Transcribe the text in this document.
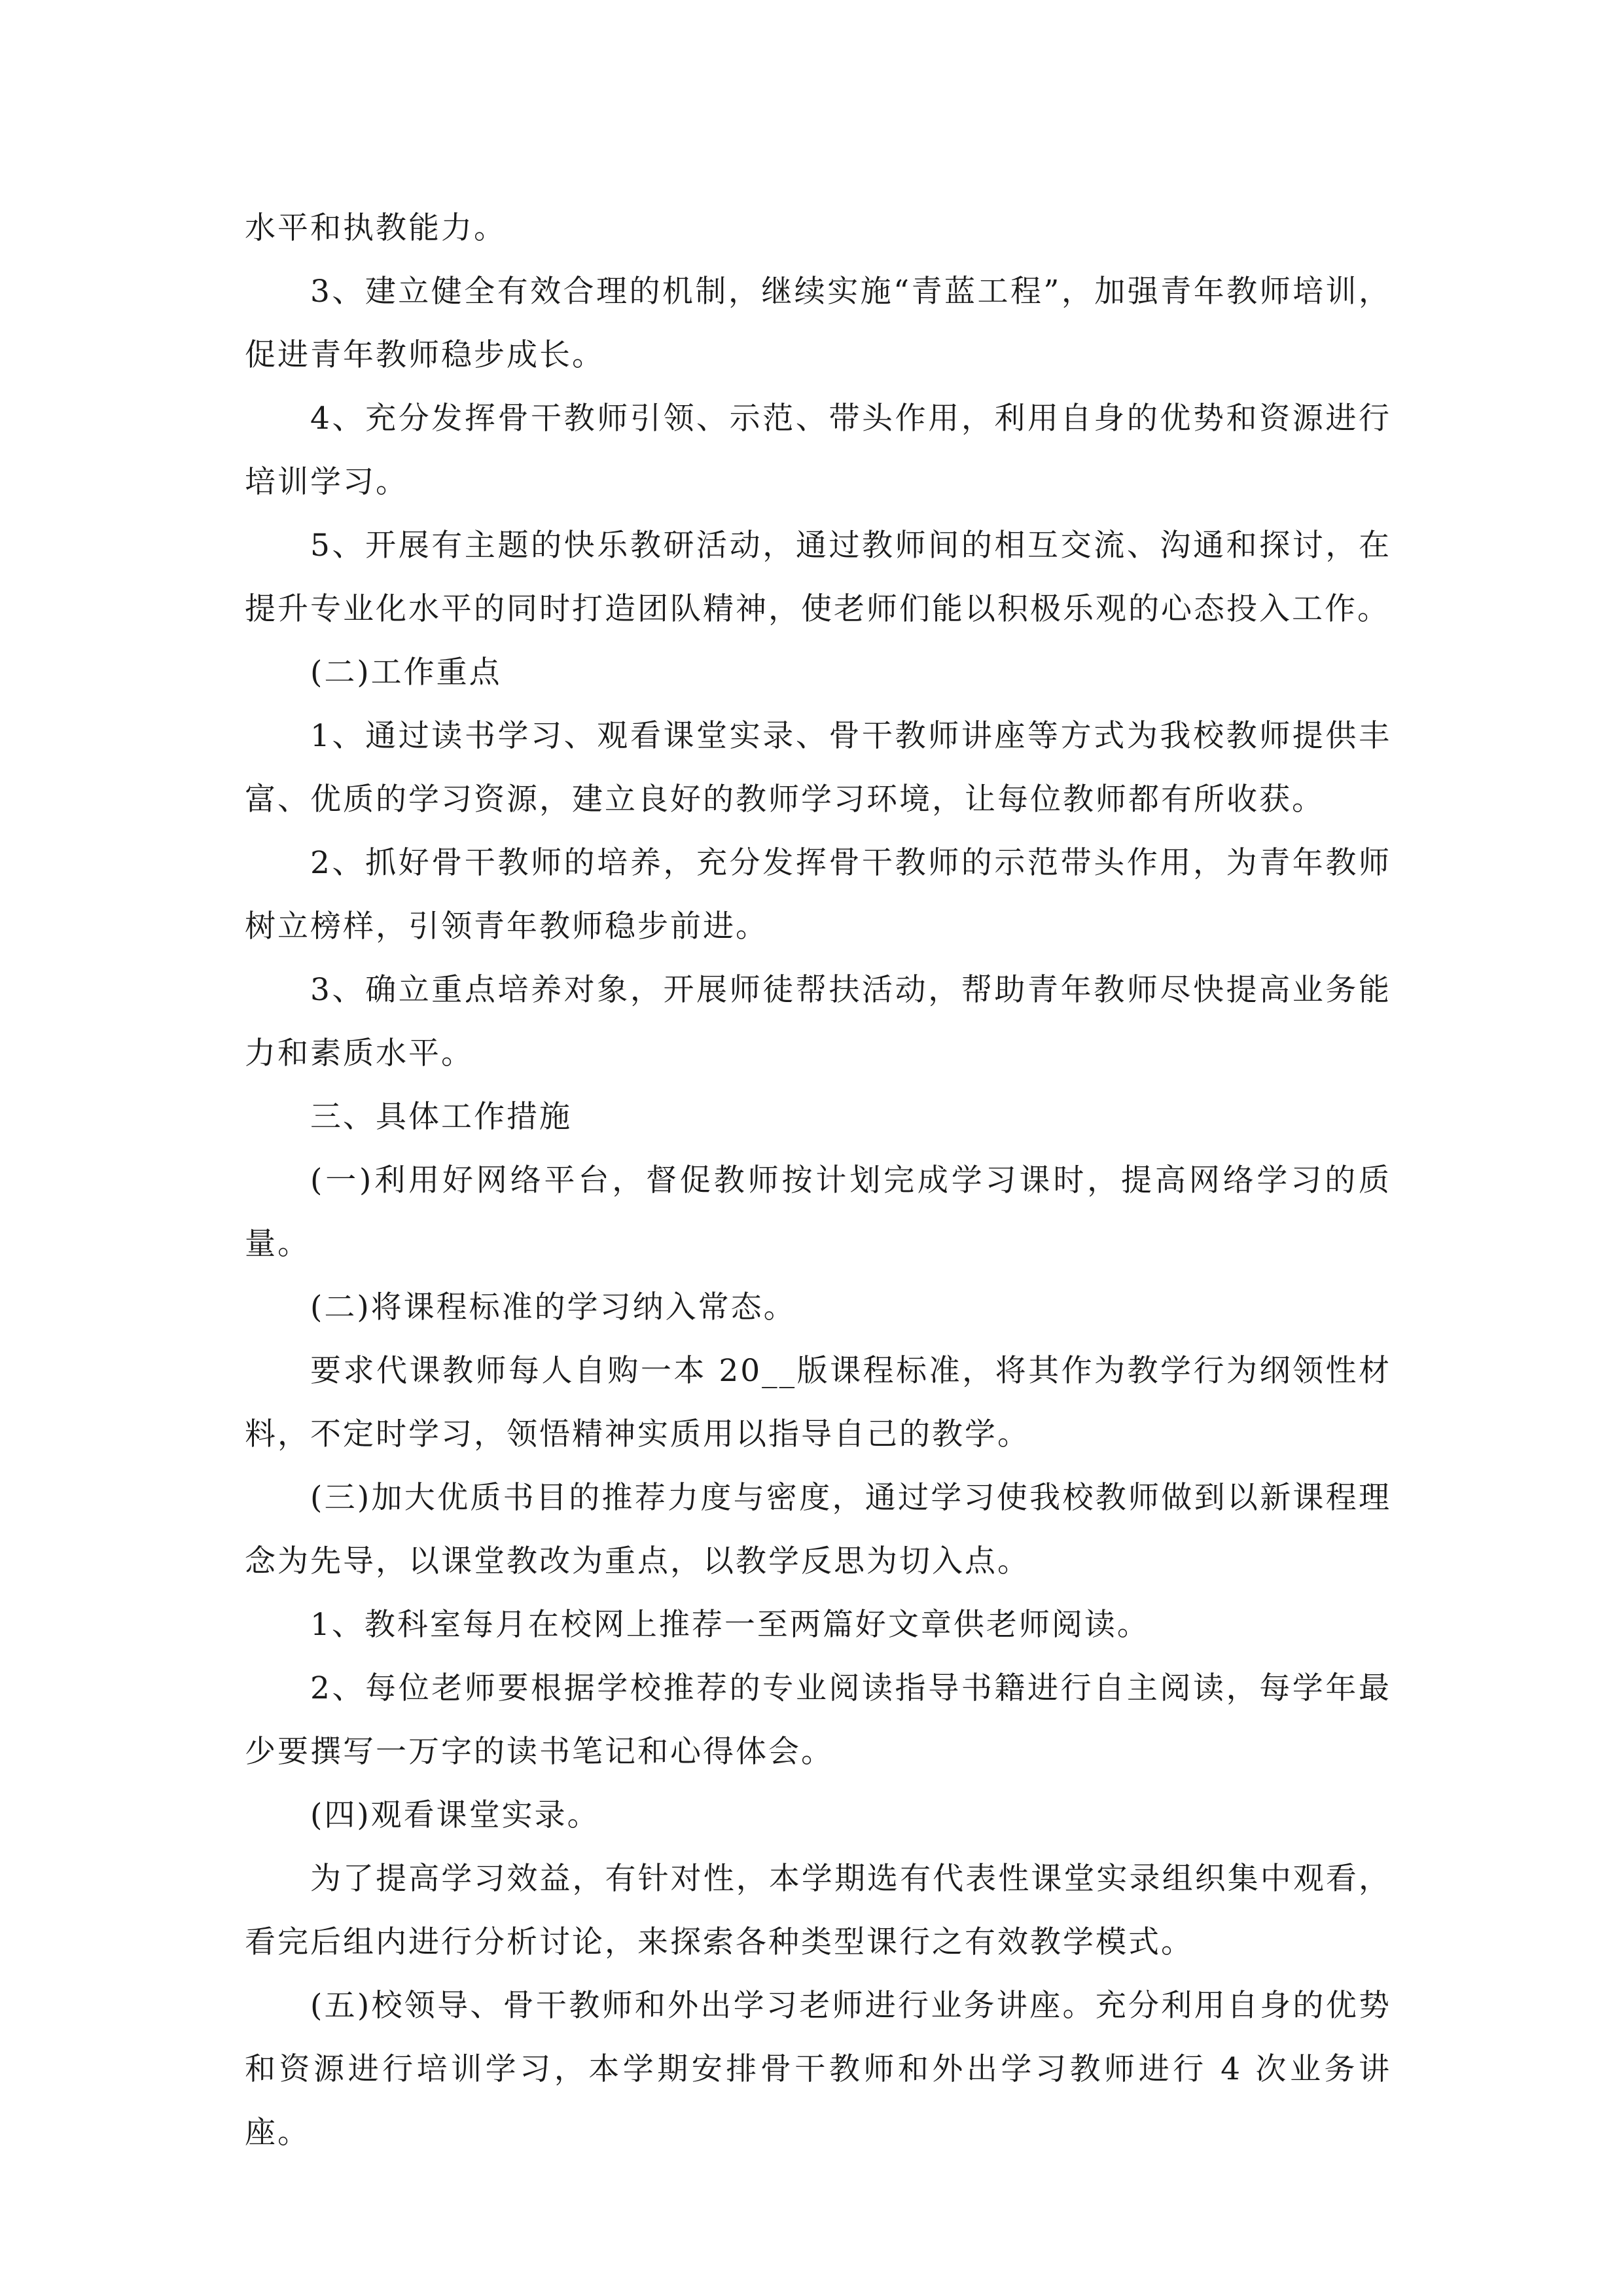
水平和执教能力。

3、建立健全有效合理的机制，继续实施“青蓝工程”，加强青年教师培训，促进青年教师稳步成长。

4、充分发挥骨干教师引领、示范、带头作用，利用自身的优势和资源进行培训学习。

5、开展有主题的快乐教研活动，通过教师间的相互交流、沟通和探讨，在提升专业化水平的同时打造团队精神，使老师们能以积极乐观的心态投入工作。

(二)工作重点

1、通过读书学习、观看课堂实录、骨干教师讲座等方式为我校教师提供丰富、优质的学习资源，建立良好的教师学习环境，让每位教师都有所收获。

2、抓好骨干教师的培养，充分发挥骨干教师的示范带头作用，为青年教师树立榜样，引领青年教师稳步前进。

3、确立重点培养对象，开展师徒帮扶活动，帮助青年教师尽快提高业务能力和素质水平。

三、具体工作措施

(一)利用好网络平台，督促教师按计划完成学习课时，提高网络学习的质量。

(二)将课程标准的学习纳入常态。

要求代课教师每人自购一本 20__版课程标准，将其作为教学行为纲领性材料，不定时学习，领悟精神实质用以指导自己的教学。

(三)加大优质书目的推荐力度与密度，通过学习使我校教师做到以新课程理念为先导，以课堂教改为重点，以教学反思为切入点。

1、教科室每月在校网上推荐一至两篇好文章供老师阅读。

2、每位老师要根据学校推荐的专业阅读指导书籍进行自主阅读，每学年最少要撰写一万字的读书笔记和心得体会。

(四)观看课堂实录。

为了提高学习效益，有针对性，本学期选有代表性课堂实录组织集中观看，看完后组内进行分析讨论，来探索各种类型课行之有效教学模式。

(五)校领导、骨干教师和外出学习老师进行业务讲座。充分利用自身的优势和资源进行培训学习，本学期安排骨干教师和外出学习教师进行 4 次业务讲座。
